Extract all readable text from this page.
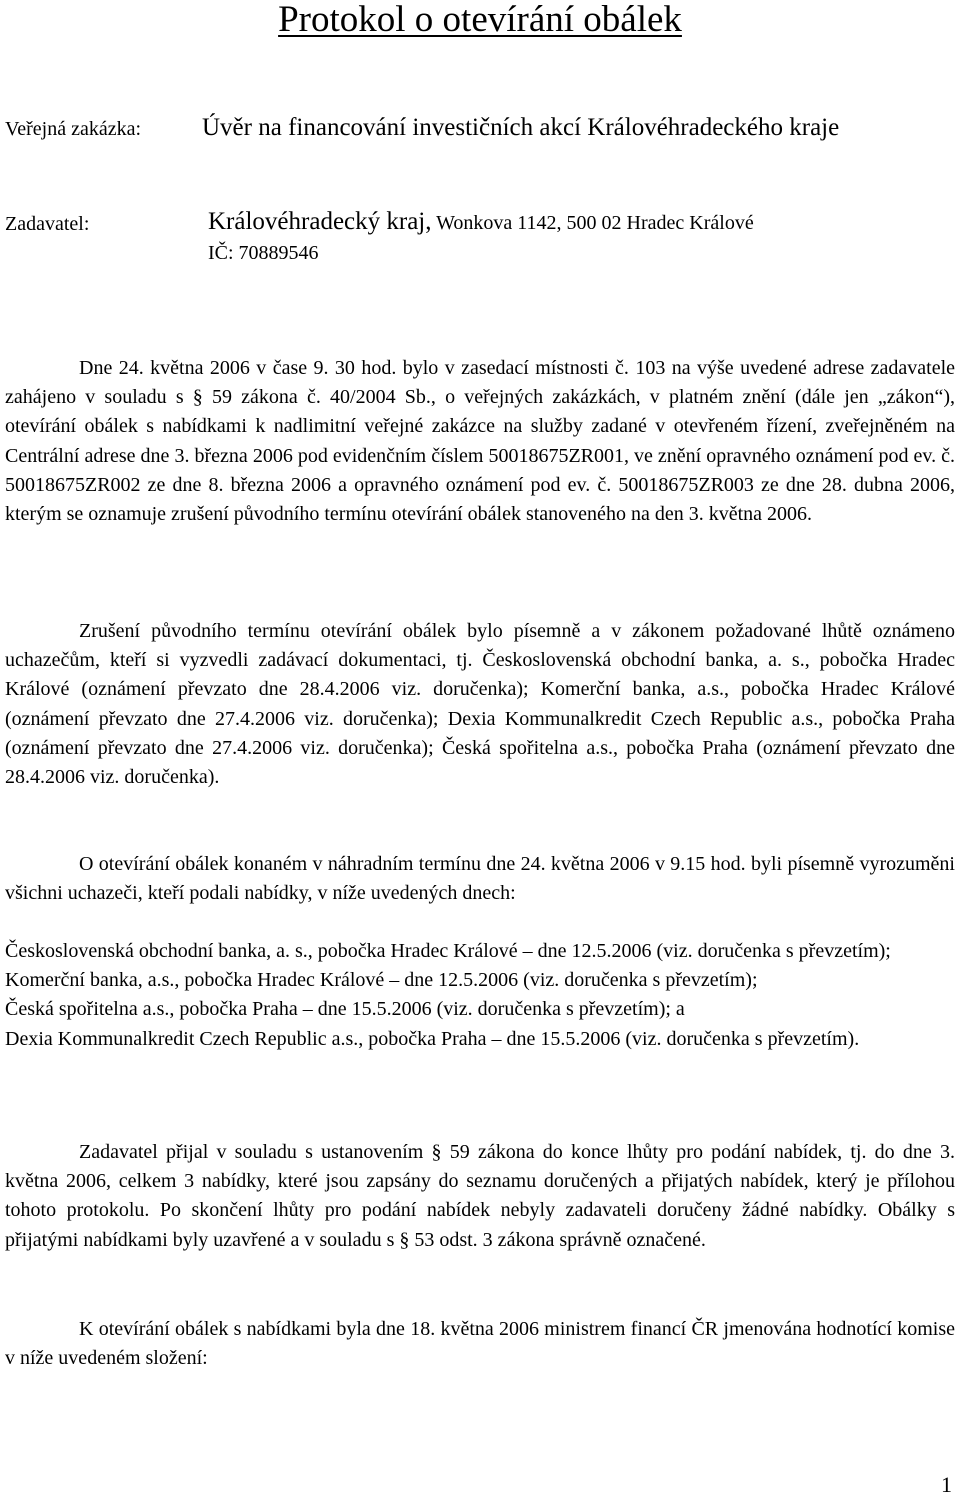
Protokol o otevírání obálek
Veřejná zakázka: Úvěr na financování investičních akcí Královéhradeckého kraje
Zadavatel:	Královéhradecký kraj, Wonkova 1142, 500 02 Hradec Králové
IČ: 70889546
Dne 24. května 2006 v čase 9. 30 hod. bylo v zasedací místnosti č. 103 na výše uvedené adrese zadavatele zahájeno v souladu s § 59 zákona č. 40/2004 Sb., o veřejných zakázkách, v platném znění (dále jen „zákon“), otevírání obálek s nabídkami k nadlimitní veřejné zakázce na služby zadané v otevřeném řízení, zveřejněném na Centrální adrese dne 3. března 2006 pod evidenčním číslem 50018675ZR001, ve znění opravného oznámení pod ev. č. 50018675ZR002 ze dne 8. března 2006 a opravného oznámení pod ev. č. 50018675ZR003 ze dne 28. dubna 2006, kterým se oznamuje zrušení původního termínu otevírání obálek stanoveného na den 3. května 2006.
Zrušení původního termínu otevírání obálek bylo písemně a v zákonem požadované lhůtě oznámeno uchazečům, kteří si vyzvedli zadávací dokumentaci, tj. Československá obchodní banka, a. s., pobočka Hradec Králové (oznámení převzato dne 28.4.2006 viz. doručenka); Komerční banka, a.s., pobočka Hradec Králové (oznámení převzato dne 27.4.2006 viz. doručenka); Dexia Kommunalkredit Czech Republic a.s., pobočka Praha (oznámení převzato dne 27.4.2006 viz. doručenka); Česká spořitelna a.s., pobočka Praha (oznámení převzato dne 28.4.2006 viz. doručenka).
O otevírání obálek konaném v náhradním termínu dne 24. května 2006 v 9.15 hod. byli písemně vyrozuměni všichni uchazeči, kteří podali nabídky, v níže uvedených dnech:
Československá obchodní banka, a. s., pobočka Hradec Králové – dne 12.5.2006 (viz. doručenka s převzetím);
Komerční banka, a.s., pobočka Hradec Králové – dne 12.5.2006 (viz. doručenka s převzetím);
Česká spořitelna a.s., pobočka Praha – dne 15.5.2006 (viz. doručenka s převzetím); a
Dexia Kommunalkredit Czech Republic a.s., pobočka Praha – dne 15.5.2006 (viz. doručenka s převzetím).
Zadavatel přijal v souladu s ustanovením § 59 zákona do konce lhůty pro podání nabídek, tj. do dne 3. května 2006, celkem 3 nabídky, které jsou zapsány do seznamu doručených a přijatých nabídek, který je přílohou tohoto protokolu. Po skončení lhůty pro podání nabídek nebyly zadavateli doručeny žádné nabídky. Obálky s přijatými nabídkami byly uzavřené a v souladu s § 53 odst. 3 zákona správně označené.
K otevírání obálek s nabídkami byla dne 18. května 2006 ministrem financí ČR jmenována hodnotící komise v níže uvedeném složení:
1
